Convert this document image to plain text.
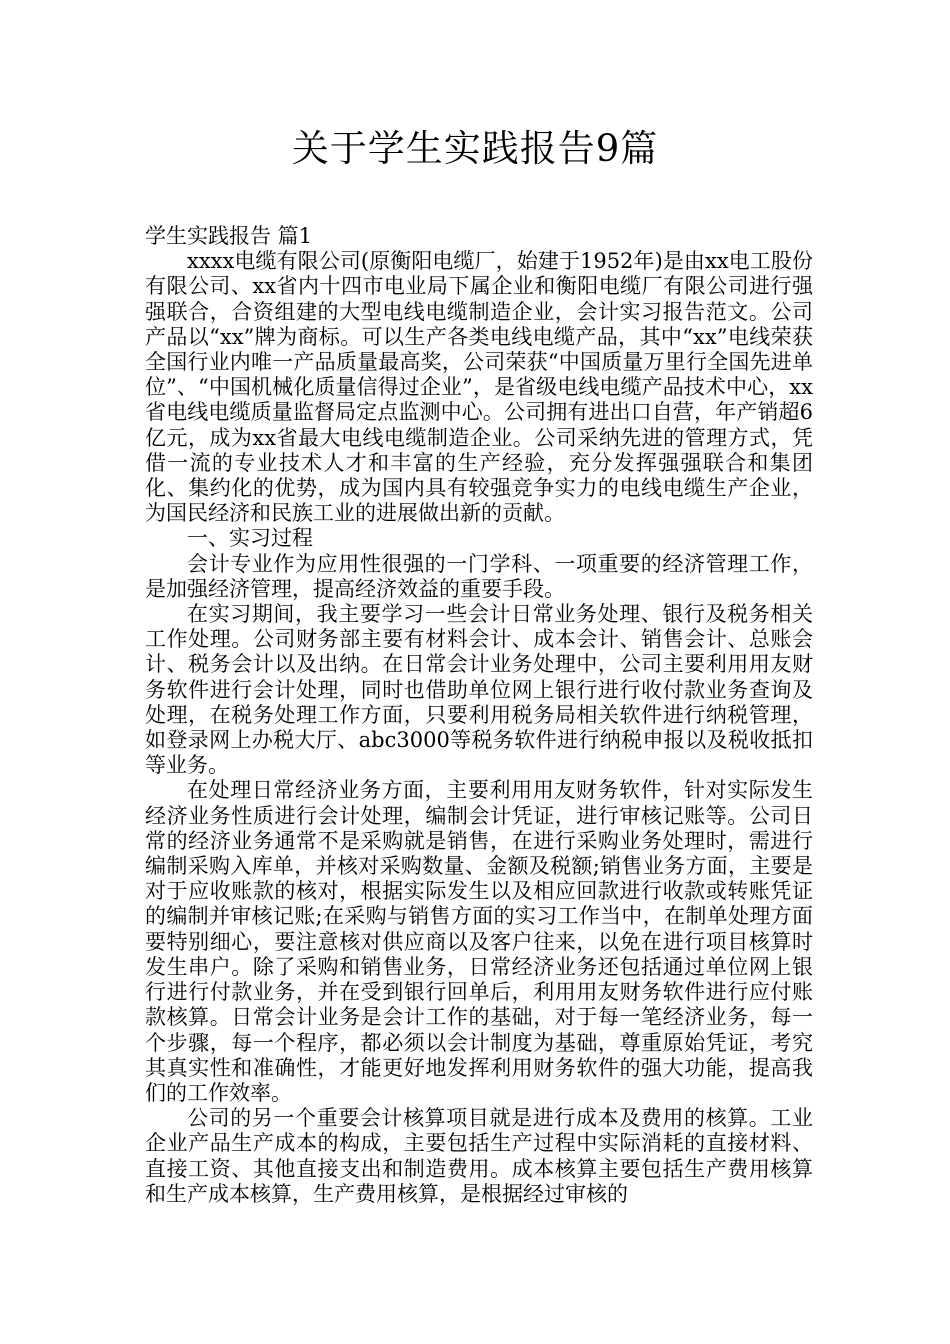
关于学生实践报告9篇

学生实践报告 篇1

xxxx电缆有限公司(原衡阳电缆厂，始建于1952年)是由xx电工股份有限公司、xx省内十四市电业局下属企业和衡阳电缆厂有限公司进行强强联合，合资组建的大型电线电缆制造企业，会计实习报告范文。公司产品以“xx”牌为商标。可以生产各类电线电缆产品，其中“xx”电线荣获全国行业内唯一产品质量最高奖，公司荣获“中国质量万里行全国先进单位”、“中国机械化质量信得过企业”，是省级电线电缆产品技术中心，xx省电线电缆质量监督局定点监测中心。公司拥有进出口自营，年产销超6亿元，成为xx省最大电线电缆制造企业。公司采纳先进的管理方式，凭借一流的专业技术人才和丰富的生产经验，充分发挥强强联合和集团化、集约化的优势，成为国内具有较强竞争实力的电线电缆生产企业，为国民经济和民族工业的进展做出新的贡献。

一、实习过程

会计专业作为应用性很强的一门学科、一项重要的经济管理工作，是加强经济管理，提高经济效益的重要手段。

在实习期间，我主要学习一些会计日常业务处理、银行及税务相关工作处理。公司财务部主要有材料会计、成本会计、销售会计、总账会计、税务会计以及出纳。在日常会计业务处理中，公司主要利用用友财务软件进行会计处理，同时也借助单位网上银行进行收付款业务查询及处理，在税务处理工作方面，只要利用税务局相关软件进行纳税管理，如登录网上办税大厅、abc3000等税务软件进行纳税申报以及税收抵扣等业务。

在处理日常经济业务方面，主要利用用友财务软件，针对实际发生经济业务性质进行会计处理，编制会计凭证，进行审核记账等。公司日常的经济业务通常不是采购就是销售，在进行采购业务处理时，需进行编制采购入库单，并核对采购数量、金额及税额;销售业务方面，主要是对于应收账款的核对，根据实际发生以及相应回款进行收款或转账凭证的编制并审核记账;在采购与销售方面的实习工作当中，在制单处理方面要特别细心，要注意核对供应商以及客户往来，以免在进行项目核算时发生串户。除了采购和销售业务，日常经济业务还包括通过单位网上银行进行付款业务，并在受到银行回单后，利用用友财务软件进行应付账款核算。日常会计业务是会计工作的基础，对于每一笔经济业务，每一个步骤，每一个程序，都必须以会计制度为基础，尊重原始凭证，考究其真实性和准确性，才能更好地发挥利用财务软件的强大功能，提高我们的工作效率。

公司的另一个重要会计核算项目就是进行成本及费用的核算。工业企业产品生产成本的构成，主要包括生产过程中实际消耗的直接材料、直接工资、其他直接支出和制造费用。成本核算主要包括生产费用核算和生产成本核算，生产费用核算，是根据经过审核的
